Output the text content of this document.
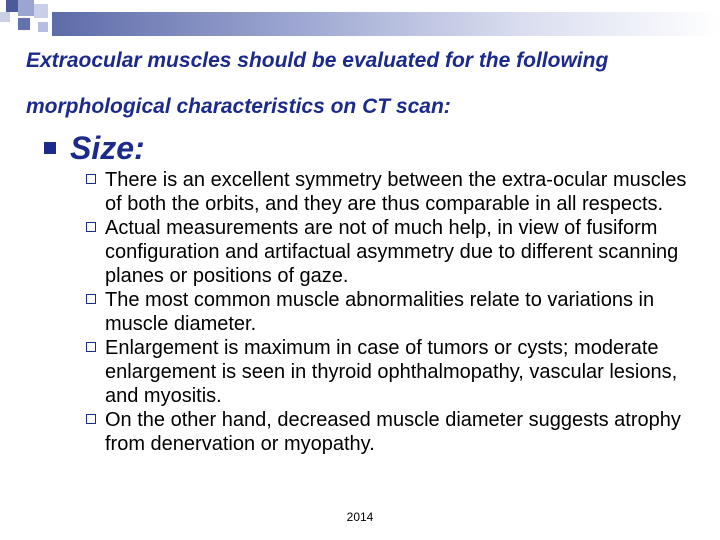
Extraocular muscles should be evaluated for the following
morphological characteristics on CT scan:
Size:
There is an excellent symmetry between the extra-ocular muscles of both the orbits, and they are thus comparable in all respects.
Actual measurements are not of much help, in view of fusiform configuration and artifactual asymmetry due to different scanning planes or positions of gaze.
The most common muscle abnormalities relate to variations in muscle diameter.
Enlargement is maximum in case of tumors or cysts; moderate enlargement is seen in thyroid ophthalmopathy, vascular lesions, and myositis.
On the other hand, decreased muscle diameter suggests atrophy from denervation or myopathy.
2014
